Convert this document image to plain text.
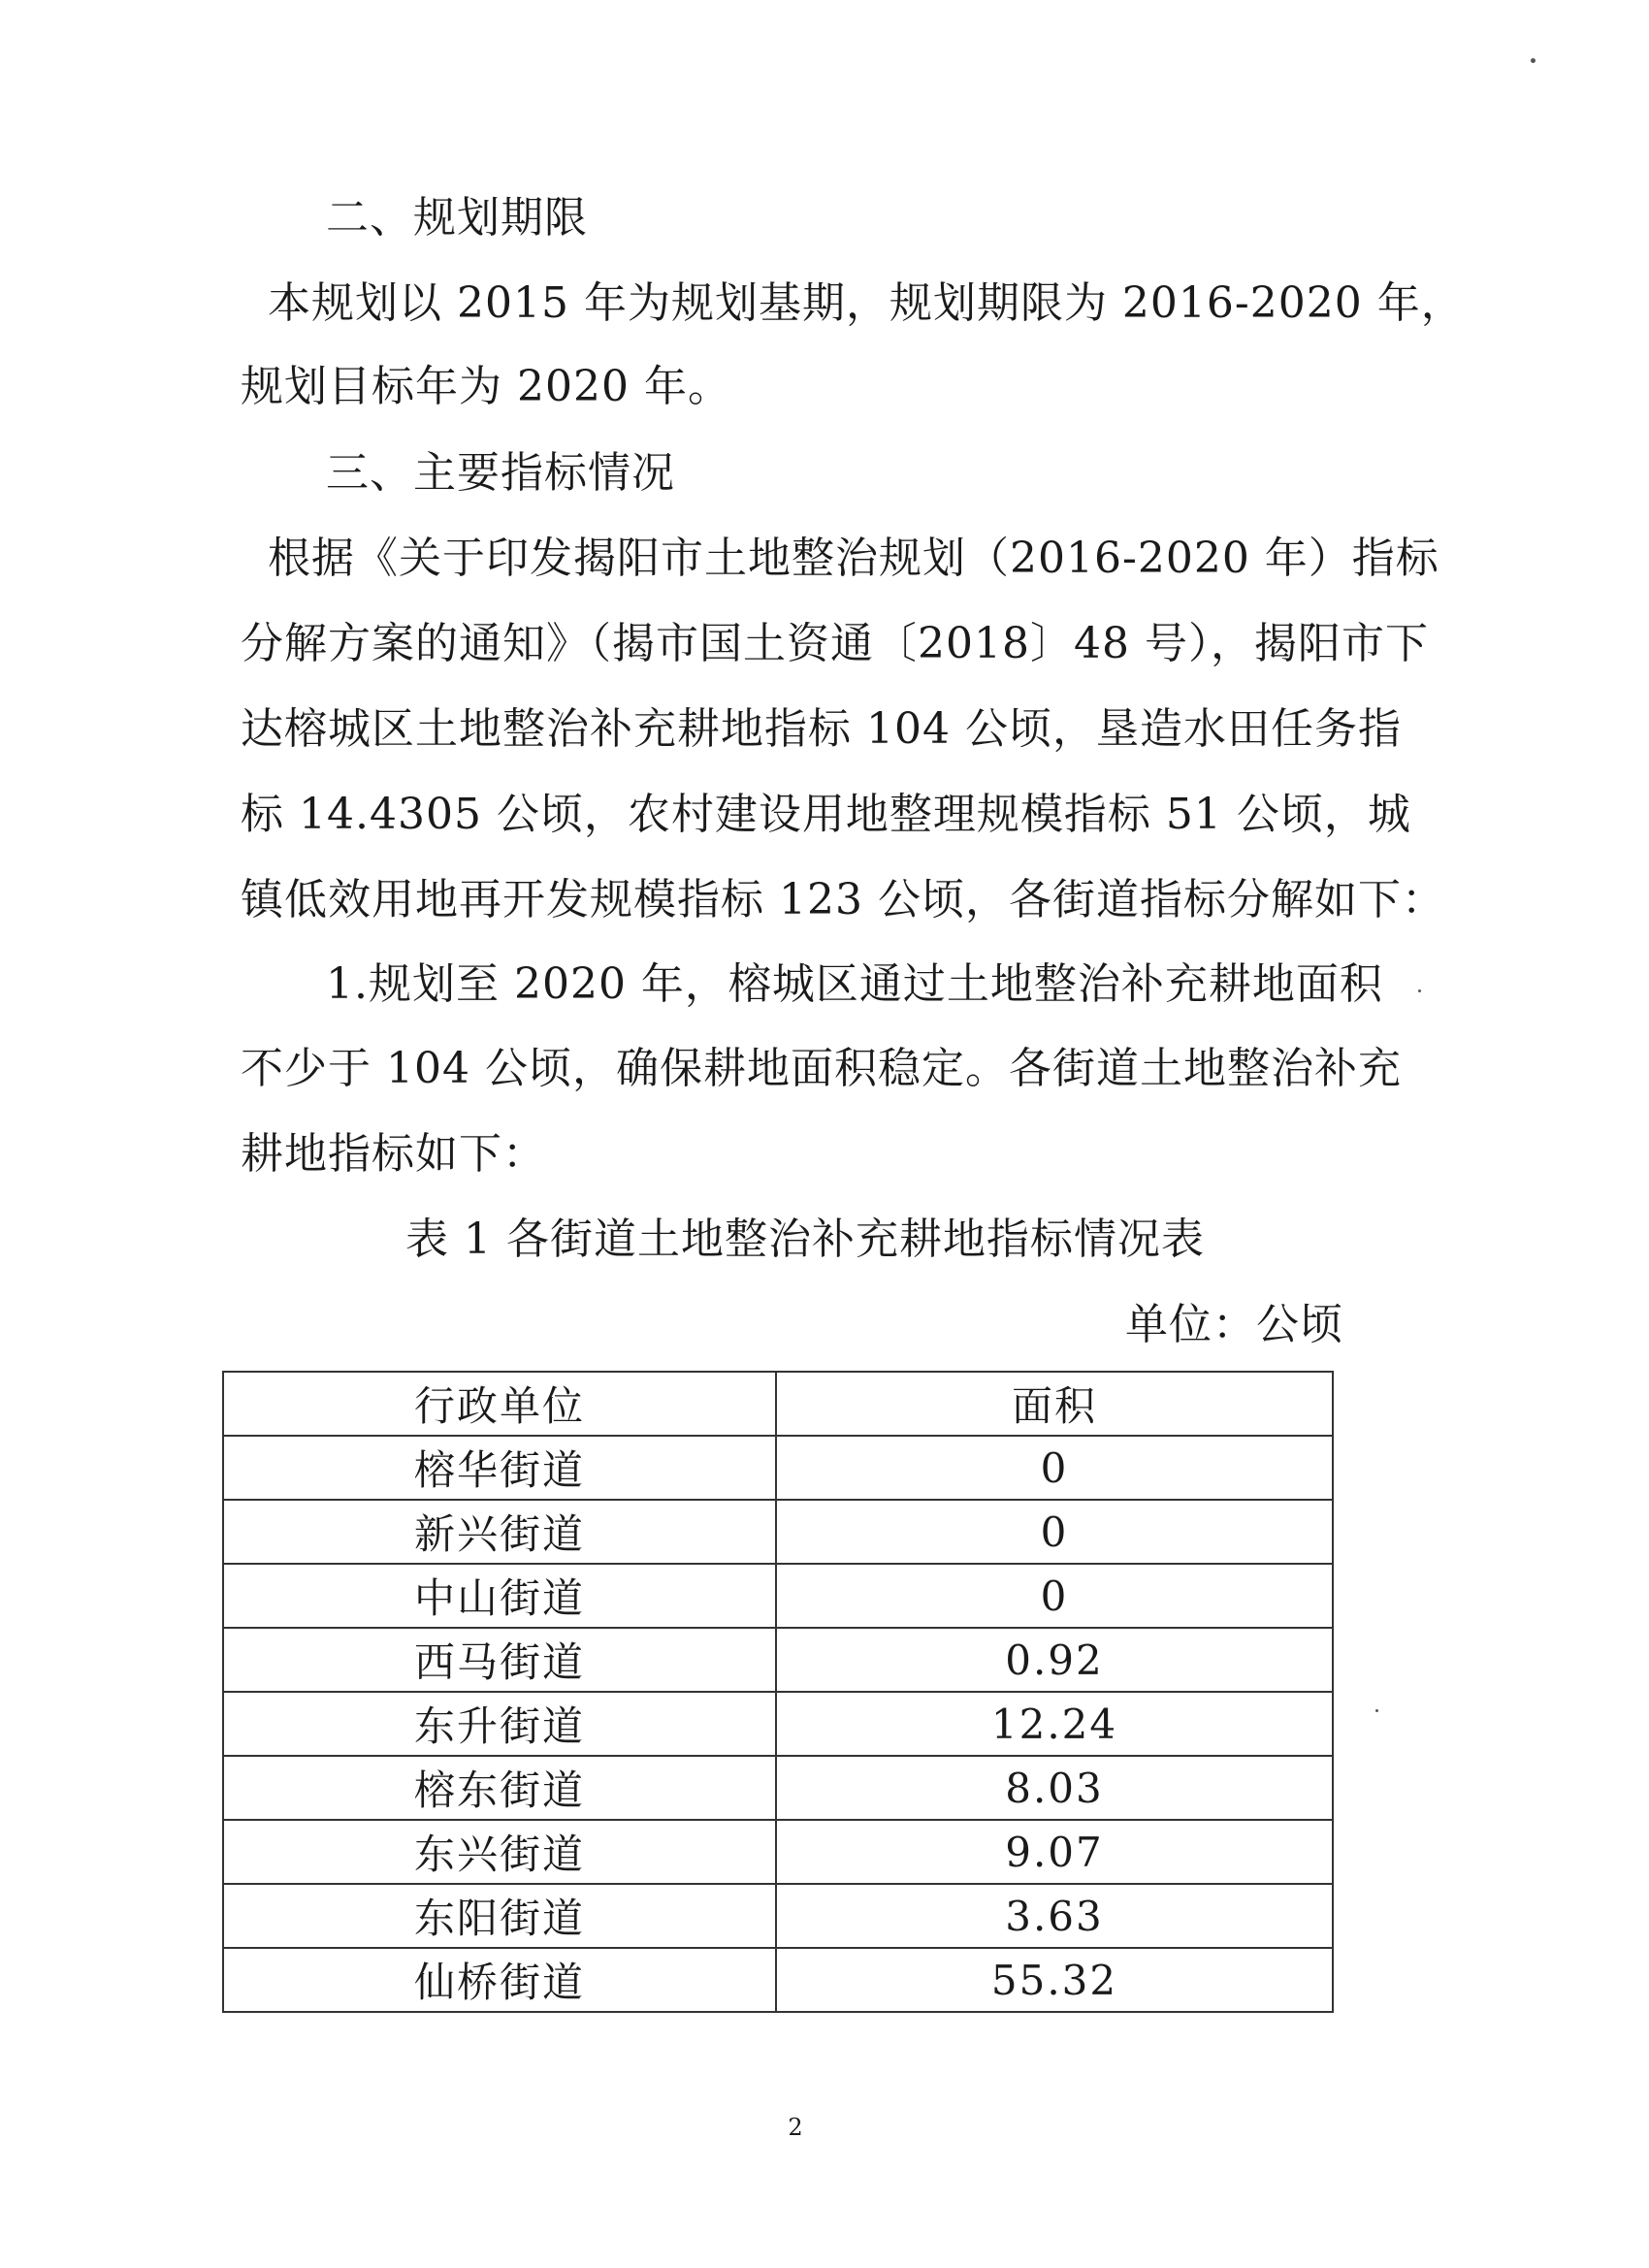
二、规划期限
本规划以 2015 年为规划基期，规划期限为 2016-2020 年，
规划目标年为 2020 年。
三、主要指标情况
根据《关于印发揭阳市土地整治规划（2016-2020 年）指标
分解方案的通知》（揭市国土资通〔2018〕48 号），揭阳市下
达榕城区土地整治补充耕地指标 104 公顷，垦造水田任务指
标 14.4305 公顷，农村建设用地整理规模指标 51 公顷，城
镇低效用地再开发规模指标 123 公顷，各街道指标分解如下：
1.规划至 2020 年，榕城区通过土地整治补充耕地面积
不少于 104 公顷，确保耕地面积稳定。各街道土地整治补充
耕地指标如下：
表 1 各街道土地整治补充耕地指标情况表
单位：公顷
行政单位	面积
榕华街道	0
新兴街道	0
中山街道	0
西马街道	0.92
东升街道	12.24
榕东街道	8.03
东兴街道	9.07
东阳街道	3.63
仙桥街道	55.32
2
